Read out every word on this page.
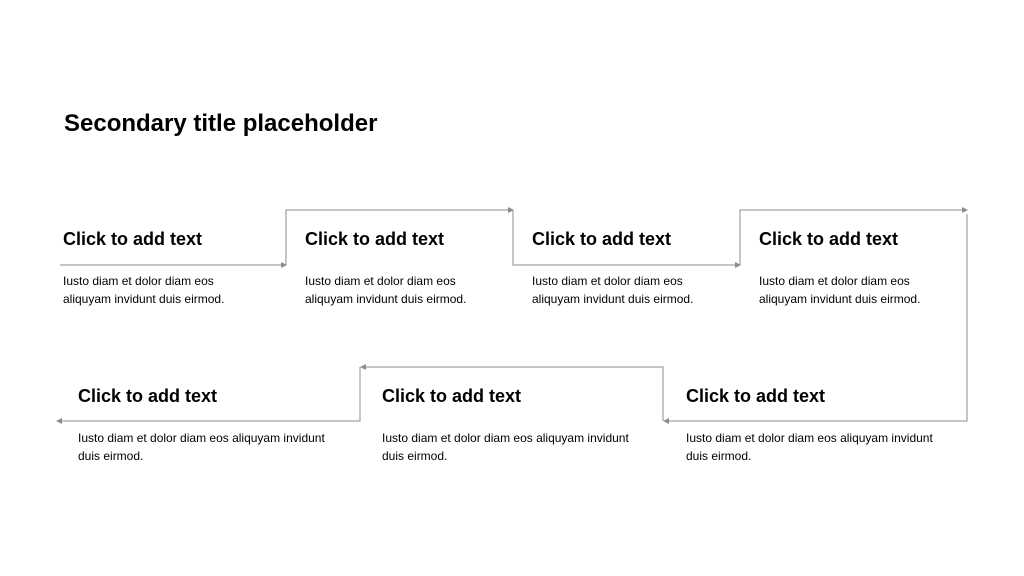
Secondary title placeholder
Click to add text
Iusto diam et dolor diam eos aliquyam invidunt duis eirmod.
Click to add text
Iusto diam et dolor diam eos aliquyam invidunt duis eirmod.
Click to add text
Iusto diam et dolor diam eos aliquyam invidunt duis eirmod.
Click to add text
Iusto diam et dolor diam eos aliquyam invidunt duis eirmod.
Click to add text
Iusto diam et dolor diam eos aliquyam invidunt duis eirmod.
Click to add text
Iusto diam et dolor diam eos aliquyam invidunt duis eirmod.
Click to add text
Iusto diam et dolor diam eos aliquyam invidunt duis eirmod.
